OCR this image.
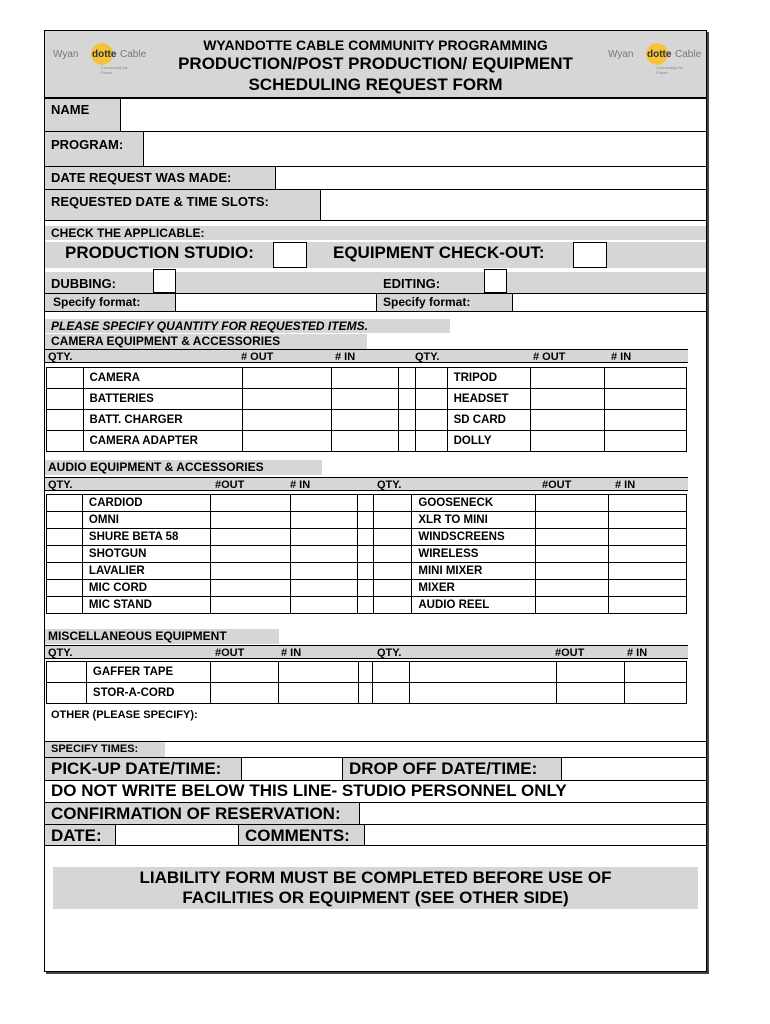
Wyan dotte Cable
Connecting the Future
Wyan dotte Cable
Connecting the Future
WYANDOTTE CABLE COMMUNITY PROGRAMMING
PRODUCTION/POST PRODUCTION/ EQUIPMENT
SCHEDULING REQUEST FORM
NAME
PROGRAM:
DATE REQUEST WAS MADE:
REQUESTED DATE & TIME SLOTS:
CHECK THE APPLICABLE:
PRODUCTION STUDIO:	EQUIPMENT CHECK-OUT:
DUBBING:	EDITING:
Specify format:	Specify format:
PLEASE SPECIFY QUANTITY FOR REQUESTED ITEMS.
CAMERA EQUIPMENT & ACCESSORIES
QTY.	# OUT	# IN	QTY.	# OUT	# IN
	CAMERA					TRIPOD		
	BATTERIES					HEADSET		
	BATT. CHARGER					SD CARD		
	CAMERA ADAPTER					DOLLY		
AUDIO EQUIPMENT & ACCESSORIES
QTY.	#OUT	# IN	QTY.	#OUT	# IN
	CARDIOD					GOOSENECK		
	OMNI					XLR TO MINI		
	SHURE BETA 58					WINDSCREENS		
	SHOTGUN					WIRELESS		
	LAVALIER					MINI MIXER		
	MIC CORD					MIXER		
	MIC STAND					AUDIO REEL		
MISCELLANEOUS EQUIPMENT
QTY.	#OUT	# IN	QTY.	#OUT	# IN
	GAFFER TAPE							
	STOR-A-CORD							
OTHER (PLEASE SPECIFY):
SPECIFY TIMES:
PICK-UP DATE/TIME:	DROP OFF DATE/TIME:
DO NOT WRITE BELOW THIS LINE- STUDIO PERSONNEL ONLY
CONFIRMATION OF RESERVATION:
DATE:	COMMENTS:
LIABILITY FORM MUST BE COMPLETED BEFORE USE OF
FACILITIES OR EQUIPMENT (SEE OTHER SIDE)
